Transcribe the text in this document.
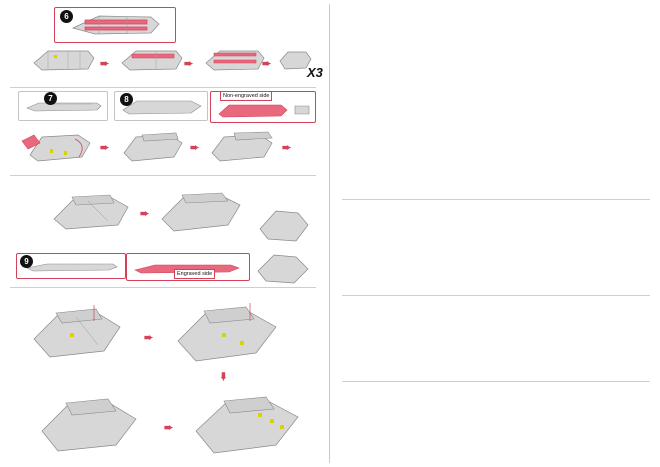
6
➨	➨	➨
X3
7	8	Non-engraved side
➨	➨	➨
➨
9
Engraved side
➨
➨
➨
